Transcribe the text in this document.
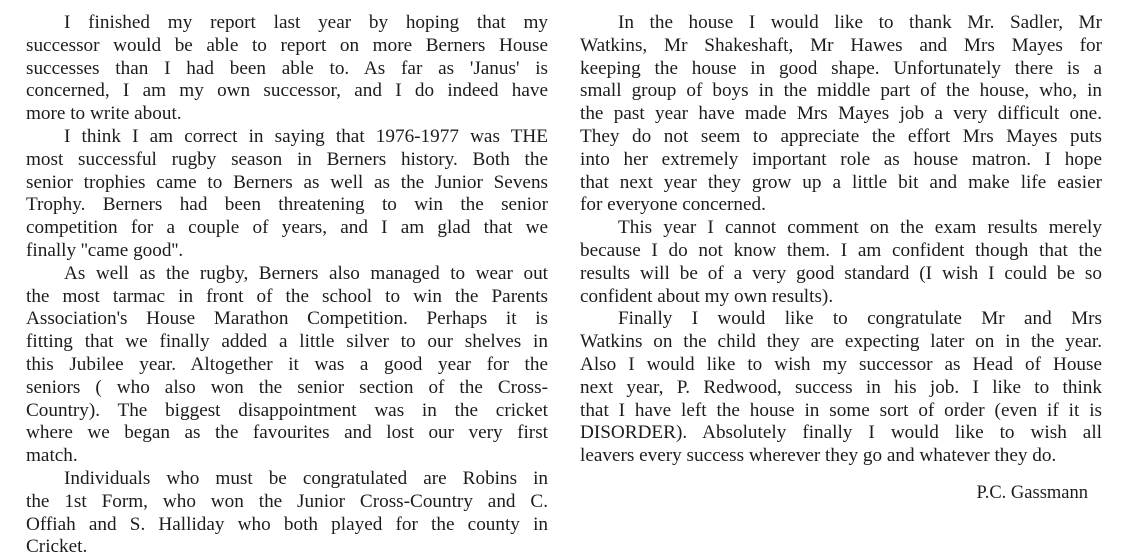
I finished my report last year by hoping that my
successor would be able to report on more Berners House
successes than I had been able to. As far as 'Janus' is
concerned, I am my own successor, and I do indeed have
more to write about.
I think I am correct in saying that 1976-1977 was THE
most successful rugby season in Berners history. Both the
senior trophies came to Berners as well as the Junior Sevens
Trophy. Berners had been threatening to win the senior
competition for a couple of years, and I am glad that we
finally ''came good''.
As well as the rugby, Berners also managed to wear out
the most tarmac in front of the school to win the Parents
Association's House Marathon Competition. Perhaps it is
fitting that we finally added a little silver to our shelves in
this Jubilee year. Altogether it was a good year for the
seniors ( who also won the senior section of the Cross-
Country). The biggest disappointment was in the cricket
where we began as the favourites and lost our very first
match.
Individuals who must be congratulated are Robins in
the 1st Form, who won the Junior Cross-Country and C.
Offiah and S. Halliday who both played for the county in
Cricket.
In the house I would like to thank Mr. Sadler, Mr
Watkins, Mr Shakeshaft, Mr Hawes and Mrs Mayes for
keeping the house in good shape. Unfortunately there is a
small group of boys in the middle part of the house, who, in
the past year have made Mrs Mayes job a very difficult one.
They do not seem to appreciate the effort Mrs Mayes puts
into her extremely important role as house matron. I hope
that next year they grow up a little bit and make life easier
for everyone concerned.
This year I cannot comment on the exam results merely
because I do not know them. I am confident though that the
results will be of a very good standard (I wish I could be so
confident about my own results).
Finally I would like to congratulate Mr and Mrs
Watkins on the child they are expecting later on in the year.
Also I would like to wish my successor as Head of House
next year, P. Redwood, success in his job. I like to think
that I have left the house in some sort of order (even if it is
DISORDER). Absolutely finally I would like to wish all
leavers every success wherever they go and whatever they do.
P.C. Gassmann
